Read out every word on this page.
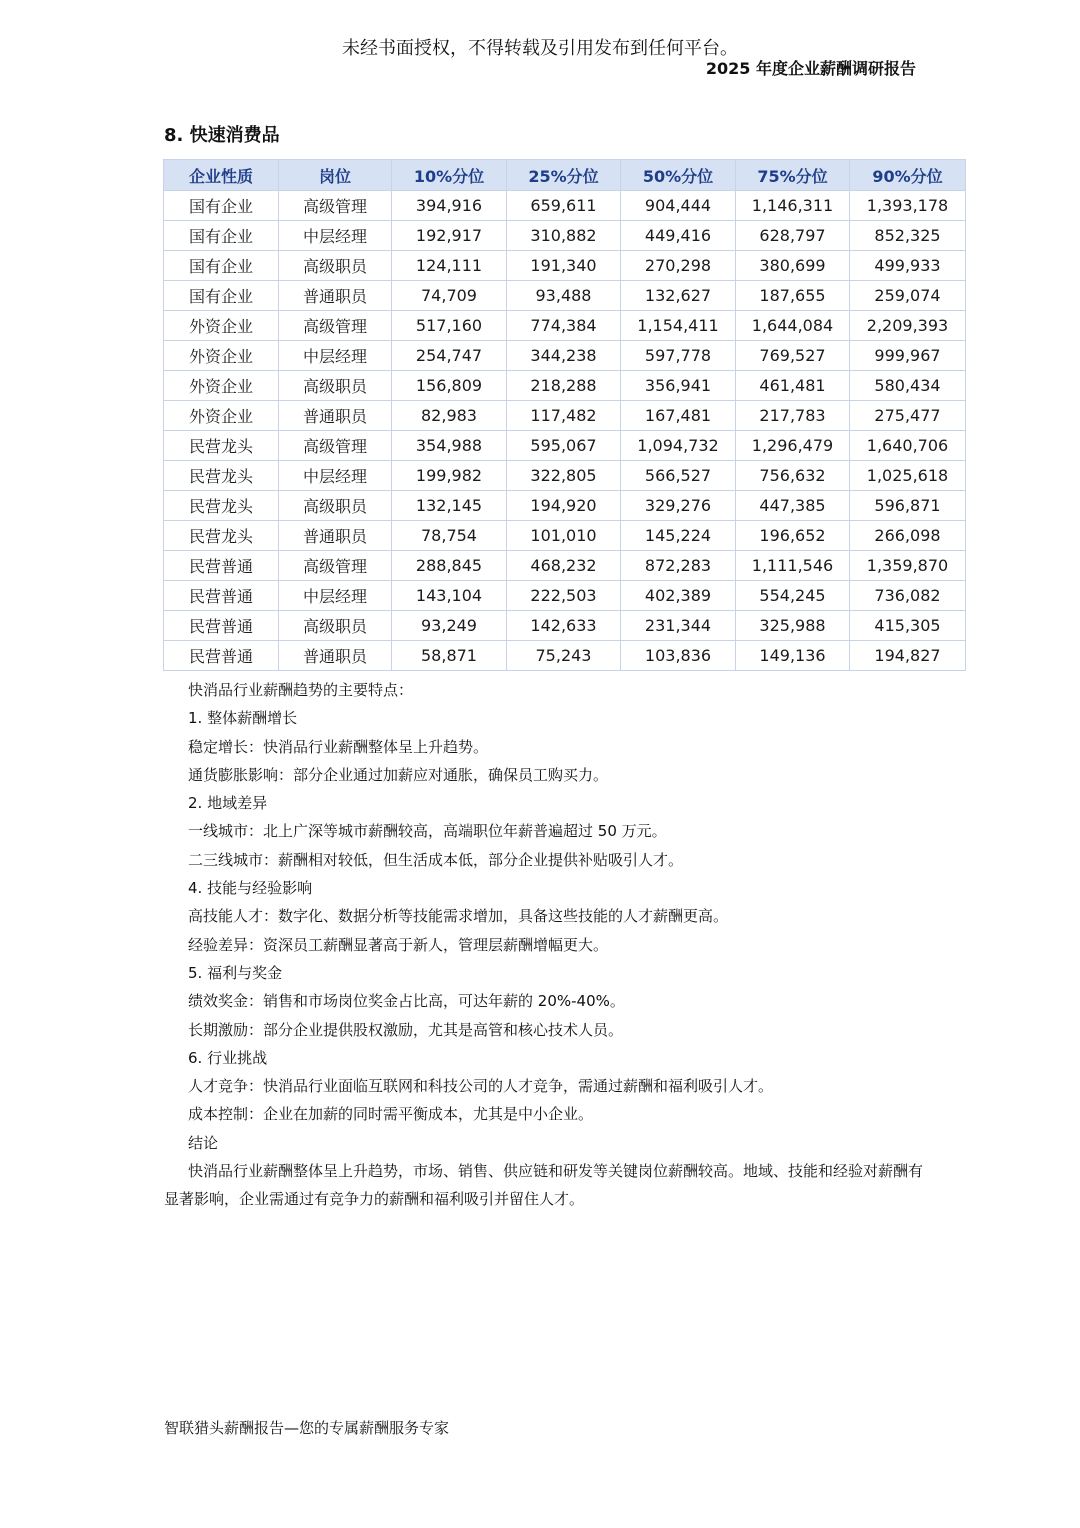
未经书面授权，不得转载及引用发布到任何平台。
2025 年度企业薪酬调研报告
8. 快速消费品
企业性质	岗位	10%分位	25%分位	50%分位	75%分位	90%分位
国有企业	高级管理	394,916	659,611	904,444	1,146,311	1,393,178
国有企业	中层经理	192,917	310,882	449,416	628,797	852,325
国有企业	高级职员	124,111	191,340	270,298	380,699	499,933
国有企业	普通职员	74,709	93,488	132,627	187,655	259,074
外资企业	高级管理	517,160	774,384	1,154,411	1,644,084	2,209,393
外资企业	中层经理	254,747	344,238	597,778	769,527	999,967
外资企业	高级职员	156,809	218,288	356,941	461,481	580,434
外资企业	普通职员	82,983	117,482	167,481	217,783	275,477
民营龙头	高级管理	354,988	595,067	1,094,732	1,296,479	1,640,706
民营龙头	中层经理	199,982	322,805	566,527	756,632	1,025,618
民营龙头	高级职员	132,145	194,920	329,276	447,385	596,871
民营龙头	普通职员	78,754	101,010	145,224	196,652	266,098
民营普通	高级管理	288,845	468,232	872,283	1,111,546	1,359,870
民营普通	中层经理	143,104	222,503	402,389	554,245	736,082
民营普通	高级职员	93,249	142,633	231,344	325,988	415,305
民营普通	普通职员	58,871	75,243	103,836	149,136	194,827

快消品行业薪酬趋势的主要特点：

1. 整体薪酬增长

稳定增长：快消品行业薪酬整体呈上升趋势。

通货膨胀影响：部分企业通过加薪应对通胀，确保员工购买力。

2. 地域差异

一线城市：北上广深等城市薪酬较高，高端职位年薪普遍超过 50 万元。

二三线城市：薪酬相对较低，但生活成本低，部分企业提供补贴吸引人才。

4. 技能与经验影响

高技能人才：数字化、数据分析等技能需求增加，具备这些技能的人才薪酬更高。

经验差异：资深员工薪酬显著高于新人，管理层薪酬增幅更大。

5. 福利与奖金

绩效奖金：销售和市场岗位奖金占比高，可达年薪的 20%-40%。

长期激励：部分企业提供股权激励，尤其是高管和核心技术人员。

6. 行业挑战

人才竞争：快消品行业面临互联网和科技公司的人才竞争，需通过薪酬和福利吸引人才。

成本控制：企业在加薪的同时需平衡成本，尤其是中小企业。

结论

快消品行业薪酬整体呈上升趋势，市场、销售、供应链和研发等关键岗位薪酬较高。地域、技能和经验对薪酬有显著影响，企业需通过有竞争力的薪酬和福利吸引并留住人才。

智联猎头薪酬报告—您的专属薪酬服务专家
